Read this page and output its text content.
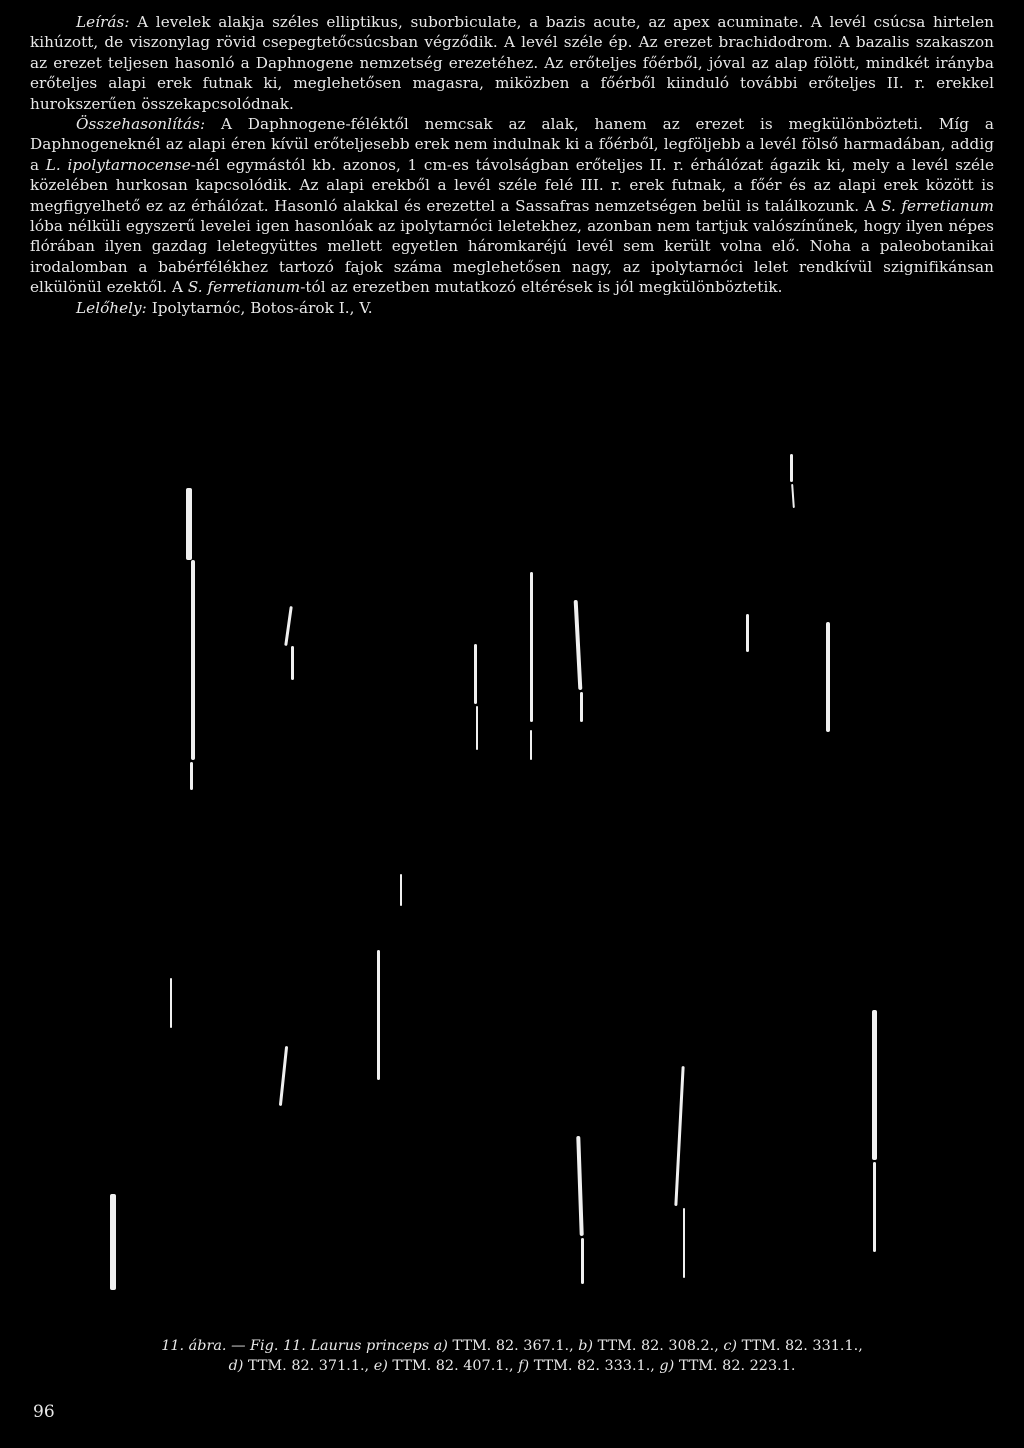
Leírás: A levelek alakja széles elliptikus, suborbiculate, a bazis acute, az apex acuminate. A levél csúcsa hirtelen kihúzott, de viszonylag rövid csepegtetőcsúcsban végződik. A levél széle ép. Az erezet brachidodrom. A bazalis szakaszon az erezet teljesen hasonló a Daphnogene nemzetség erezetéhez. Az erőteljes főérből, jóval az alap fölött, mindkét irányba erőteljes alapi erek futnak ki, meglehetősen magasra, miközben a főérből kiinduló további erőteljes II. r. erekkel hurokszerűen összekapcsolódnak.

Összehasonlítás: A Daphnogene-féléktől nemcsak az alak, hanem az erezet is megkülönbözteti. Míg a Daphnogeneknél az alapi éren kívül erőteljesebb erek nem indulnak ki a főérből, legföljebb a levél fölső harmadában, addig a L. ipolytarnocense-nél egymástól kb. azonos, 1 cm-es távolságban erőteljes II. r. érhálózat ágazik ki, mely a levél széle közelében hurkosan kapcsolódik. Az alapi erekből a levél széle felé III. r. erek futnak, a főér és az alapi erek között is megfigyelhető ez az érhálózat. Hasonló alakkal és erezettel a Sassafras nemzetségen belül is találkozunk. A S. ferretianum lóba nélküli egyszerű levelei igen hasonlóak az ipolytarnóci leletekhez, azonban nem tartjuk valószínűnek, hogy ilyen népes flórában ilyen gazdag leletegyüttes mellett egyetlen háromkaréjú levél sem került volna elő. Noha a paleobotanikai irodalomban a babérfélékhez tartozó fajok száma meglehetősen nagy, az ipolytarnóci lelet rendkívül szignifikánsan elkülönül ezektől. A S. ferretianum-tól az erezetben mutatkozó eltérések is jól megkülönböztetik.

Lelőhely: Ipolytarnóc, Botos-árok I., V.

11. ábra. — Fig. 11. Laurus princeps a) TTM. 82. 367.1., b) TTM. 82. 308.2., c) TTM. 82. 331.1.,
d) TTM. 82. 371.1., e) TTM. 82. 407.1., f) TTM. 82. 333.1., g) TTM. 82. 223.1.
96
